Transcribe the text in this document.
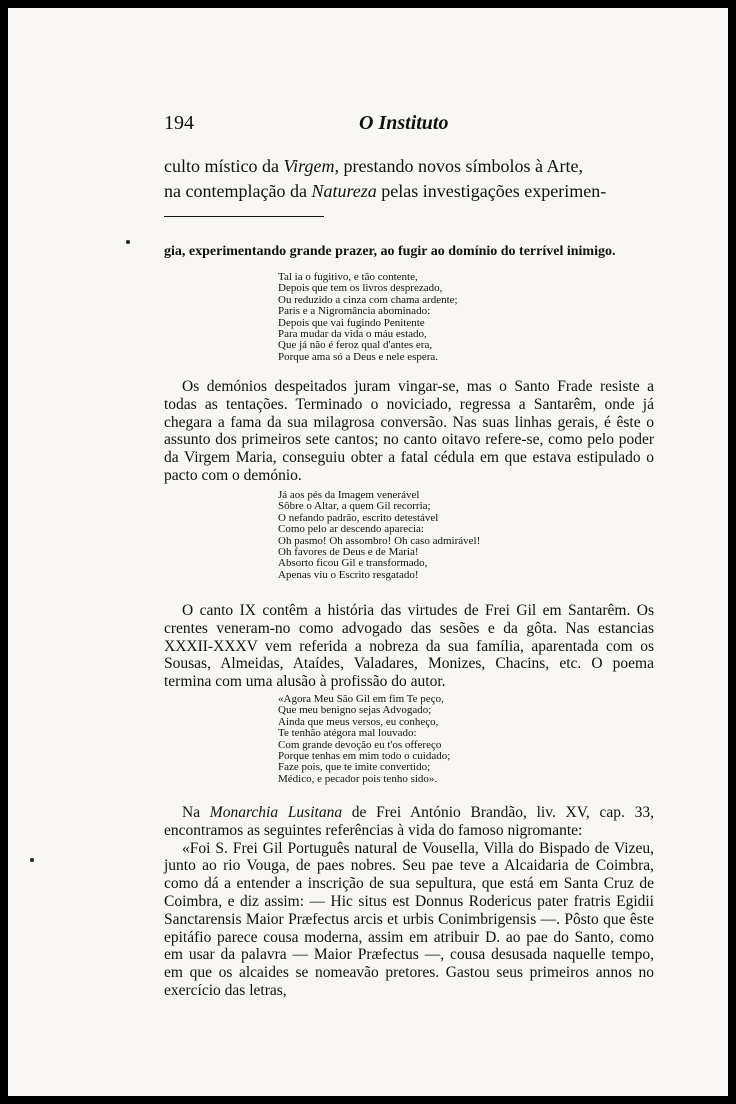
194	O Instituto
culto místico da Virgem, prestando novos símbolos à Arte,
na contemplação da Natureza pelas investigações experimen-
gia, experimentando grande prazer, ao fugir ao domínio do terrível inimigo.
Tal ia o fugitivo, e tão contente,
Depois que tem os livros desprezado,
Ou reduzido a cinza com chama ardente;
Paris e a Nigromância abominado:
Depois que vai fugindo Penitente
Para mudar da vida o máu estado,
Que já não é feroz qual d'antes era,
Porque ama só a Deus e nele espera.

Os demónios despeitados juram vingar-se, mas o Santo Frade resiste a todas as tentações. Terminado o noviciado, regressa a Santarêm, onde já chegara a fama da sua milagrosa conversão. Nas suas linhas gerais, é êste o assunto dos primeiros sete cantos; no canto oitavo refere-se, como pelo poder da Virgem Maria, conseguiu obter a fatal cédula em que estava estipulado o pacto com o demónio.

Já aos pés da Imagem venerável
Sôbre o Altar, a quem Gil recorria;
O nefando padrão, escrito detestável
Como pelo ar descendo aparecia:
Oh pasmo! Oh assombro! Oh caso admirável!
Oh favores de Deus e de Maria!
Absorto ficou Gil e transformado,
Apenas viu o Escrito resgatado!

O canto IX contêm a história das virtudes de Frei Gil em Santarêm. Os crentes veneram-no como advogado das sesões e da gôta. Nas estancias XXXII-XXXV vem referida a nobreza da sua família, aparentada com os Sousas, Almeidas, Ataídes, Valadares, Monizes, Chacins, etc. O poema termina com uma alusão à profissão do autor.

«Agora Meu São Gil em fim Te peço,
Que meu benigno sejas Advogado;
Ainda que meus versos, eu conheço,
Te tenhão atégora mal louvado:
Com grande devoção eu t'os offereço
Porque tenhas em mim todo o cuidado;
Faze pois, que te imite convertido;
Médico, e pecador pois tenho sido».

Na Monarchia Lusitana de Frei António Brandão, liv. XV, cap. 33, encontramos as seguintes referências à vida do famoso nigromante:

«Foi S. Frei Gil Português natural de Vousella, Villa do Bispado de Vizeu, junto ao rio Vouga, de paes nobres. Seu pae teve a Alcaidaria de Coimbra, como dá a entender a inscrição de sua sepultura, que está em Santa Cruz de Coimbra, e diz assim: — Hic situs est Donnus Rodericus pater fratris Egidii Sanctarensis Maior Præfectus arcis et urbis Conimbrigensis —. Pôsto que êste epitáfio parece cousa moderna, assim em atribuir D. ao pae do Santo, como em usar da palavra — Maior Præfectus —, cousa desusada naquelle tempo, em que os alcaides se nomeavão pretores. Gastou seus primeiros annos no exercício das letras,
